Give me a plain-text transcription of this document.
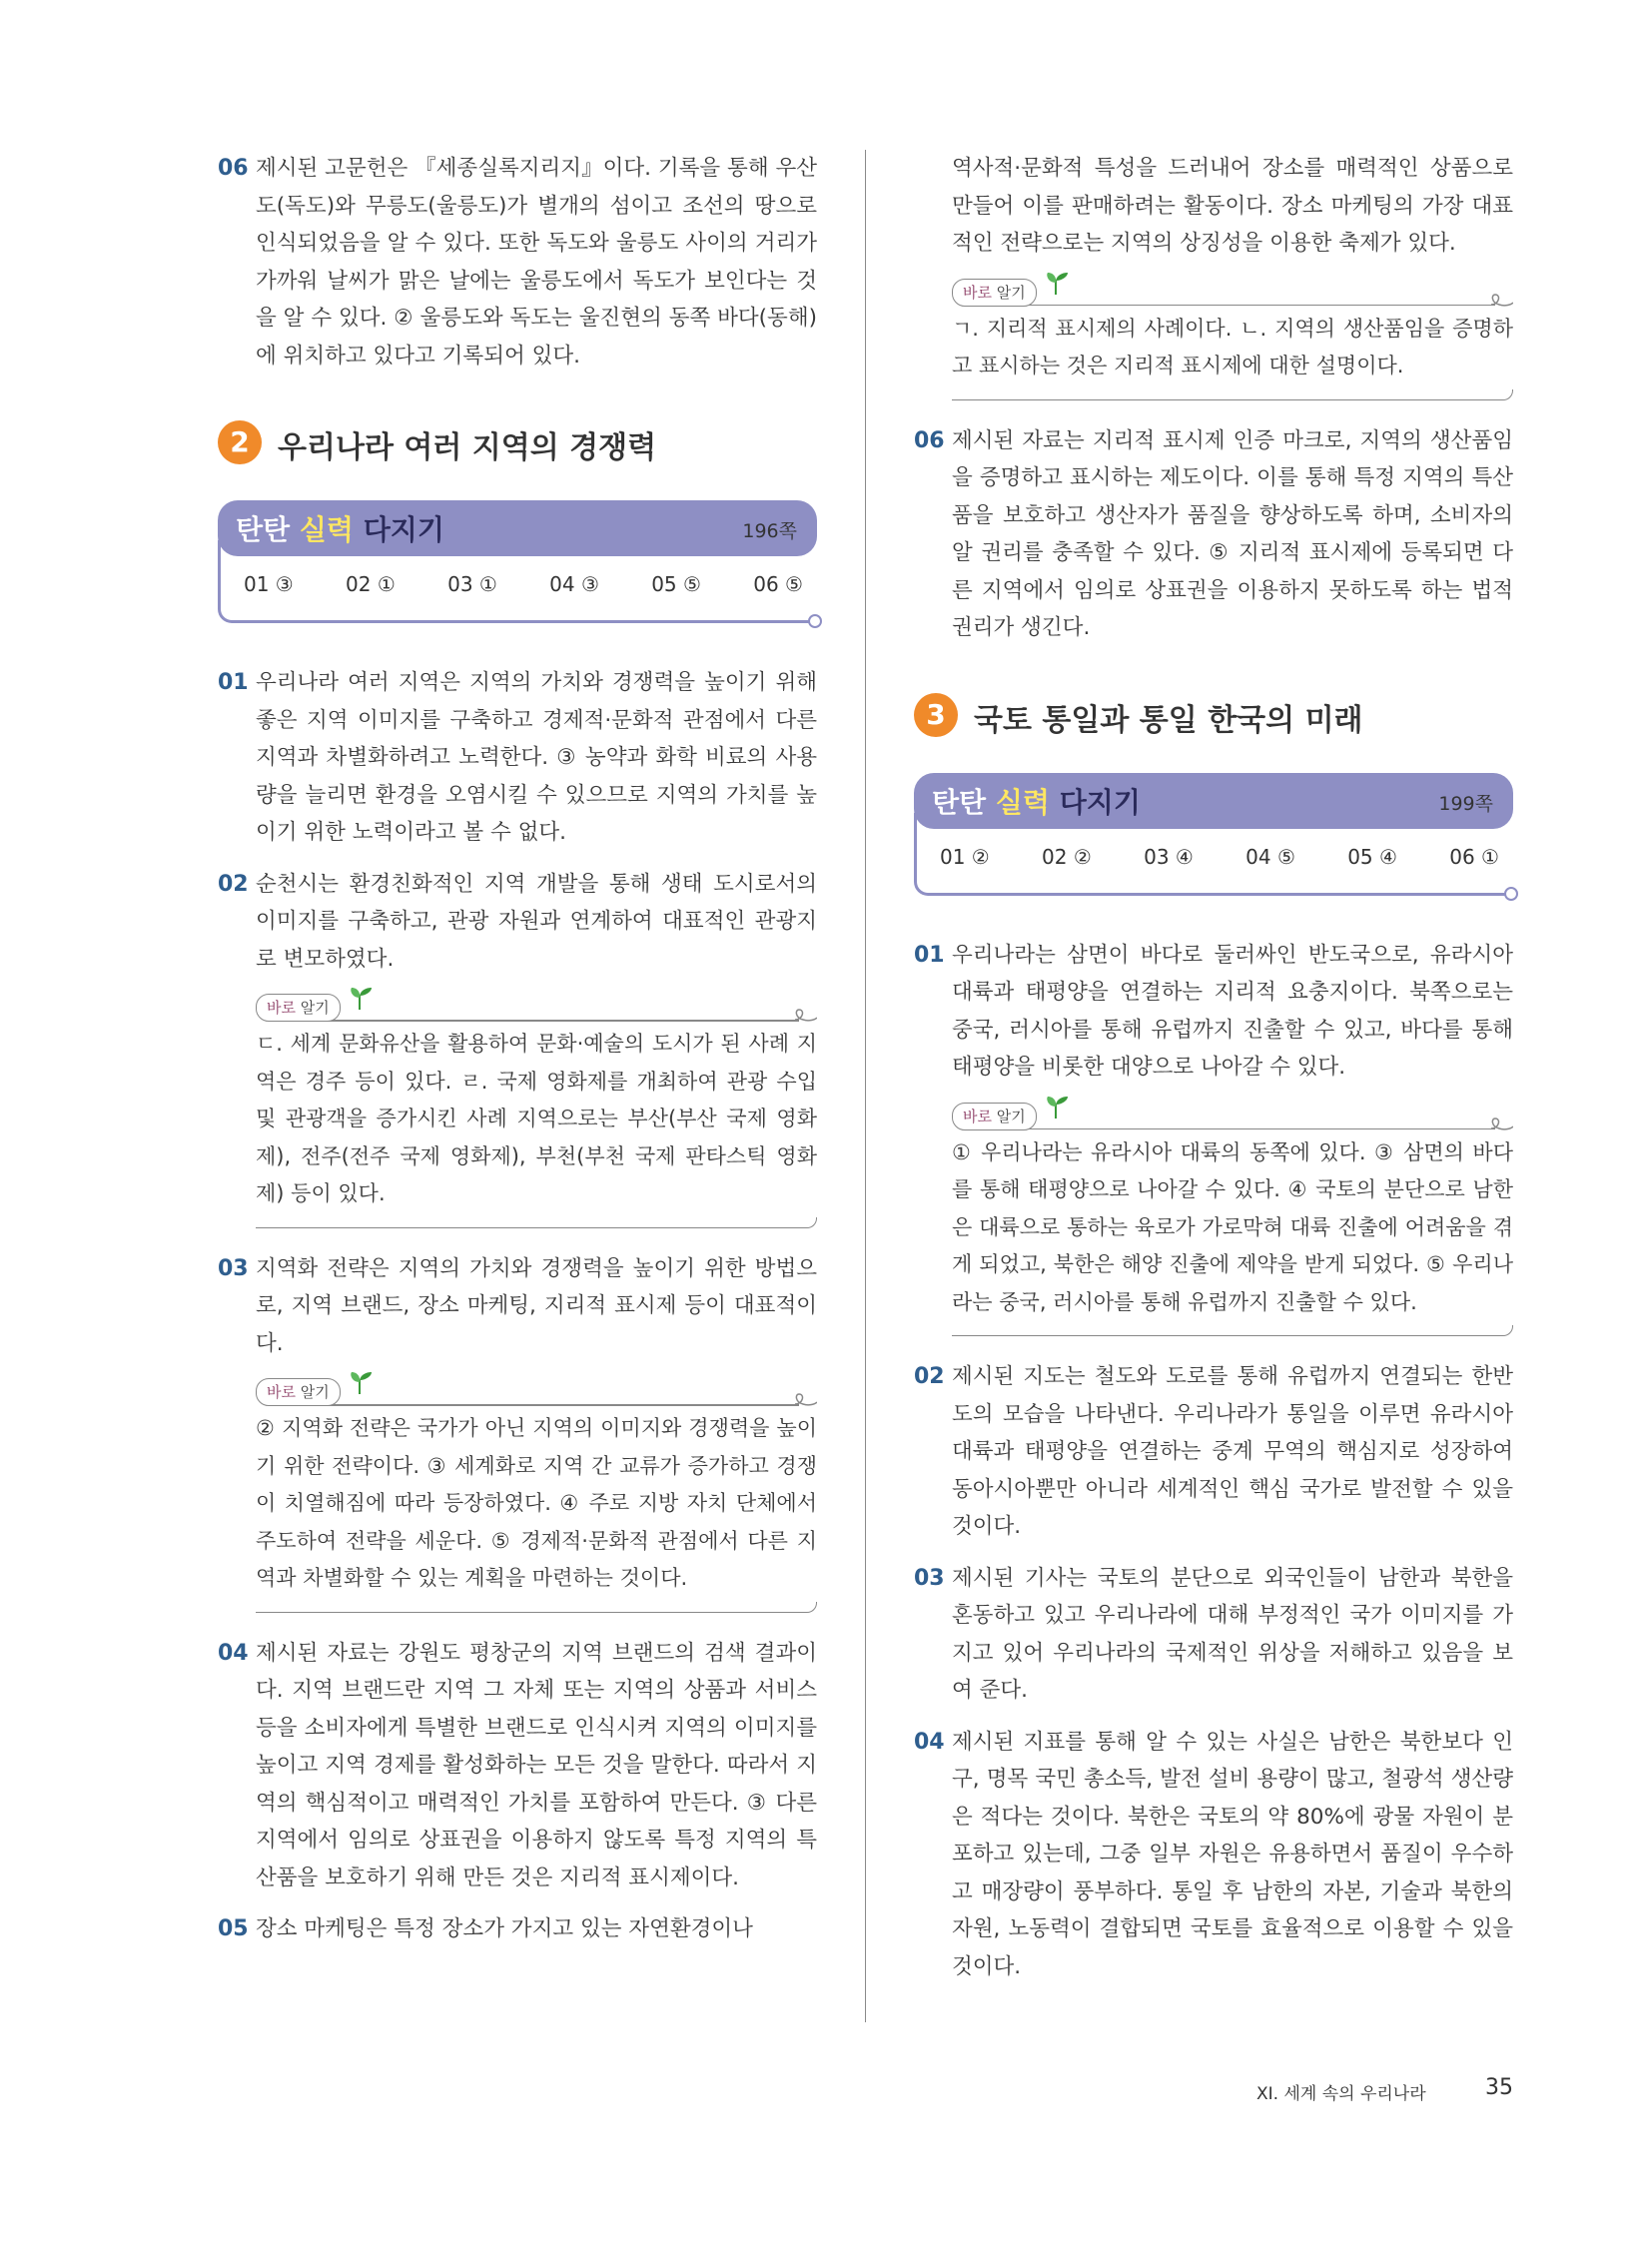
06 제시된 고문헌은 『세종실록지리지』이다. 기록을 통해 우산도(독도)와 무릉도(울릉도)가 별개의 섬이고 조선의 땅으로 인식되었음을 알 수 있다. 또한 독도와 울릉도 사이의 거리가 가까워 날씨가 맑은 날에는 울릉도에서 독도가 보인다는 것을 알 수 있다. ② 울릉도와 독도는 울진현의 동쪽 바다(동해)에 위치하고 있다고 기록되어 있다.
2 우리나라 여러 지역의 경쟁력
탄탄 실력 다지기	196쪽
01 ③	02 ①	03 ①	04 ③	05 ⑤	06 ⑤
01 우리나라 여러 지역은 지역의 가치와 경쟁력을 높이기 위해 좋은 지역 이미지를 구축하고 경제적·문화적 관점에서 다른 지역과 차별화하려고 노력한다. ③ 농약과 화학 비료의 사용량을 늘리면 환경을 오염시킬 수 있으므로 지역의 가치를 높이기 위한 노력이라고 볼 수 없다.
02 순천시는 환경친화적인 지역 개발을 통해 생태 도시로서의 이미지를 구축하고, 관광 자원과 연계하여 대표적인 관광지로 변모하였다.
바로 알기
ㄷ. 세계 문화유산을 활용하여 문화·예술의 도시가 된 사례 지역은 경주 등이 있다. ㄹ. 국제 영화제를 개최하여 관광 수입 및 관광객을 증가시킨 사례 지역으로는 부산(부산 국제 영화제), 전주(전주 국제 영화제), 부천(부천 국제 판타스틱 영화제) 등이 있다.
03 지역화 전략은 지역의 가치와 경쟁력을 높이기 위한 방법으로, 지역 브랜드, 장소 마케팅, 지리적 표시제 등이 대표적이다.
바로 알기
② 지역화 전략은 국가가 아닌 지역의 이미지와 경쟁력을 높이기 위한 전략이다. ③ 세계화로 지역 간 교류가 증가하고 경쟁이 치열해짐에 따라 등장하였다. ④ 주로 지방 자치 단체에서 주도하여 전략을 세운다. ⑤ 경제적·문화적 관점에서 다른 지역과 차별화할 수 있는 계획을 마련하는 것이다.
04 제시된 자료는 강원도 평창군의 지역 브랜드의 검색 결과이다. 지역 브랜드란 지역 그 자체 또는 지역의 상품과 서비스 등을 소비자에게 특별한 브랜드로 인식시켜 지역의 이미지를 높이고 지역 경제를 활성화하는 모든 것을 말한다. 따라서 지역의 핵심적이고 매력적인 가치를 포함하여 만든다. ③ 다른 지역에서 임의로 상표권을 이용하지 않도록 특정 지역의 특산품을 보호하기 위해 만든 것은 지리적 표시제이다.
05 장소 마케팅은 특정 장소가 가지고 있는 자연환경이나
역사적·문화적 특성을 드러내어 장소를 매력적인 상품으로 만들어 이를 판매하려는 활동이다. 장소 마케팅의 가장 대표적인 전략으로는 지역의 상징성을 이용한 축제가 있다.
바로 알기
ㄱ. 지리적 표시제의 사례이다. ㄴ. 지역의 생산품임을 증명하고 표시하는 것은 지리적 표시제에 대한 설명이다.
06 제시된 자료는 지리적 표시제 인증 마크로, 지역의 생산품임을 증명하고 표시하는 제도이다. 이를 통해 특정 지역의 특산품을 보호하고 생산자가 품질을 향상하도록 하며, 소비자의 알 권리를 충족할 수 있다. ⑤ 지리적 표시제에 등록되면 다른 지역에서 임의로 상표권을 이용하지 못하도록 하는 법적 권리가 생긴다.
3 국토 통일과 통일 한국의 미래
탄탄 실력 다지기	199쪽
01 ②	02 ②	03 ④	04 ⑤	05 ④	06 ①
01 우리나라는 삼면이 바다로 둘러싸인 반도국으로, 유라시아 대륙과 태평양을 연결하는 지리적 요충지이다. 북쪽으로는 중국, 러시아를 통해 유럽까지 진출할 수 있고, 바다를 통해 태평양을 비롯한 대양으로 나아갈 수 있다.
바로 알기
① 우리나라는 유라시아 대륙의 동쪽에 있다. ③ 삼면의 바다를 통해 태평양으로 나아갈 수 있다. ④ 국토의 분단으로 남한은 대륙으로 통하는 육로가 가로막혀 대륙 진출에 어려움을 겪게 되었고, 북한은 해양 진출에 제약을 받게 되었다. ⑤ 우리나라는 중국, 러시아를 통해 유럽까지 진출할 수 있다.
02 제시된 지도는 철도와 도로를 통해 유럽까지 연결되는 한반도의 모습을 나타낸다. 우리나라가 통일을 이루면 유라시아 대륙과 태평양을 연결하는 중계 무역의 핵심지로 성장하여 동아시아뿐만 아니라 세계적인 핵심 국가로 발전할 수 있을 것이다.
03 제시된 기사는 국토의 분단으로 외국인들이 남한과 북한을 혼동하고 있고 우리나라에 대해 부정적인 국가 이미지를 가지고 있어 우리나라의 국제적인 위상을 저해하고 있음을 보여 준다.
04 제시된 지표를 통해 알 수 있는 사실은 남한은 북한보다 인구, 명목 국민 총소득, 발전 설비 용량이 많고, 철광석 생산량은 적다는 것이다. 북한은 국토의 약 80%에 광물 자원이 분포하고 있는데, 그중 일부 자원은 유용하면서 품질이 우수하고 매장량이 풍부하다. 통일 후 남한의 자본, 기술과 북한의 자원, 노동력이 결합되면 국토를 효율적으로 이용할 수 있을 것이다.
XI. 세계 속의 우리나라	35
